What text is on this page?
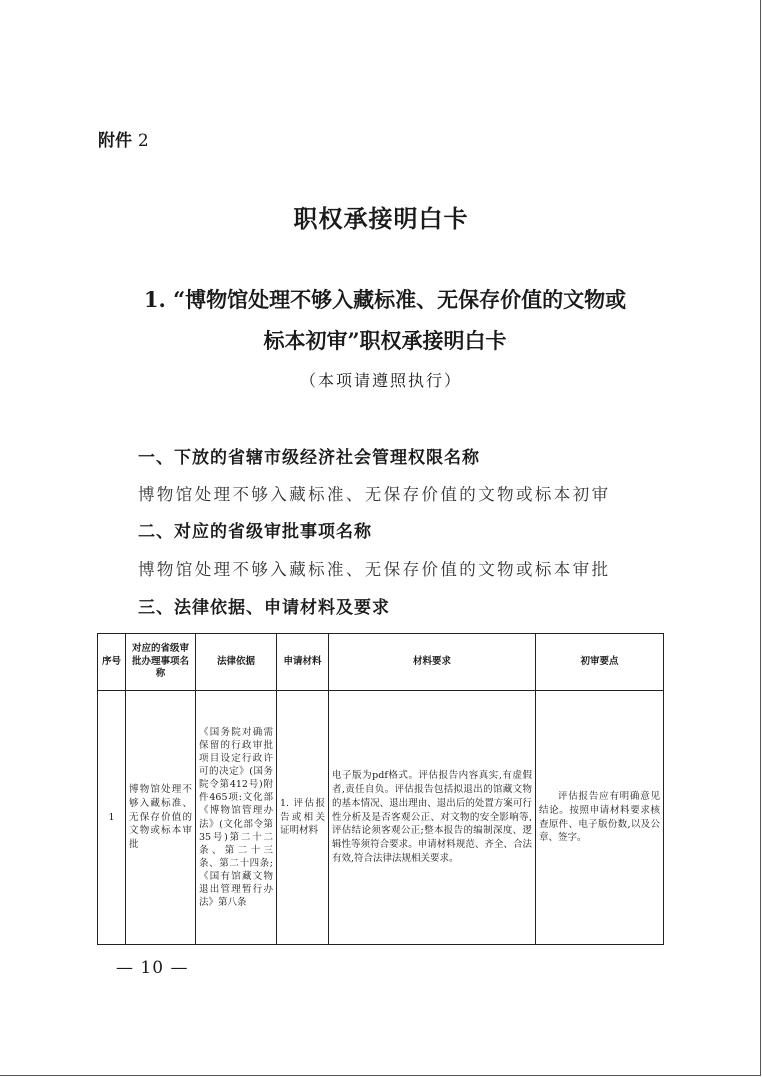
附件 2
职权承接明白卡
1. “博物馆处理不够入藏标准、无保存价值的文物或
标本初审”职权承接明白卡
（本项请遵照执行）
一、下放的省辖市级经济社会管理权限名称
博物馆处理不够入藏标准、无保存价值的文物或标本初审
二、对应的省级审批事项名称
博物馆处理不够入藏标准、无保存价值的文物或标本审批
三、法律依据、申请材料及要求
序号	对应的省级审批办理事项名称	法律依据	申请材料	材料要求	初审要点
1	博物馆处理不够入藏标准、无保存价值的文物或标本审批	《国务院对确需保留的行政审批项目设定行政许可的决定》(国务院令第412号)附件465项:文化部《博物馆管理办法》(文化部令第35号)第二十二条、第二十三条、第二十四条;《国有馆藏文物退出管理暂行办法》第八条	1. 评估报告或相关证明材料	电子版为pdf格式。评估报告内容真实,有虚假者,责任自负。评估报告包括拟退出的馆藏文物的基本情况、退出理由、退出后的处置方案可行性分析及是否客观公正、对文物的安全影响等,评估结论须客观公正;整本报告的编制深度、逻辑性等须符合要求。申请材料规范、齐全、合法有效,符合法律法规相关要求。	评估报告应有明确意见结论。按照申请材料要求核查原件、电子版份数,以及公章、签字。
— 10 —
